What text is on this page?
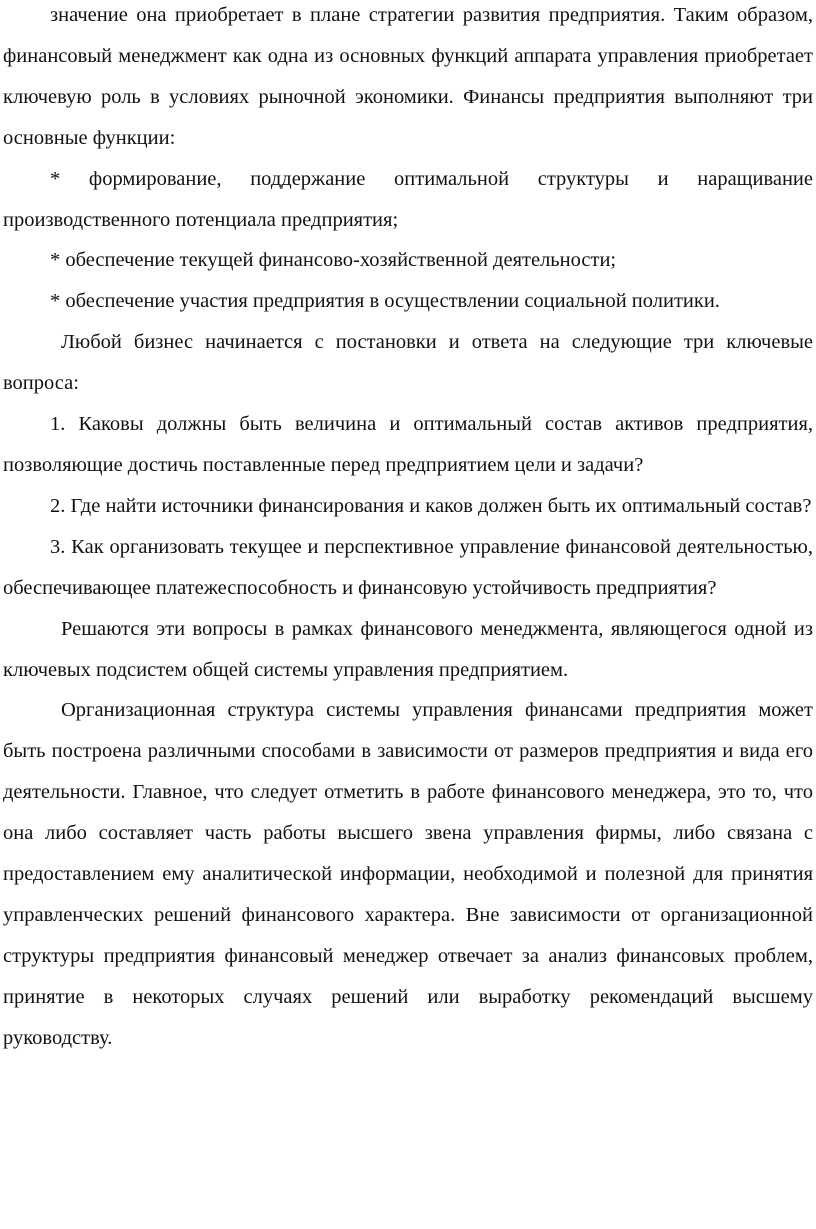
значение она приобретает в плане стратегии развития предприятия. Таким образом, финансовый менеджмент как одна из основных функций аппарата управления приобретает ключевую роль в условиях рыночной экономики. Финансы предприятия выполняют три основные функции:

* формирование, поддержание оптимальной структуры и наращивание производственного потенциала предприятия;

* обеспечение текущей финансово-хозяйственной деятельности;

* обеспечение участия предприятия в осуществлении социальной политики.

Любой бизнес начинается с постановки и ответа на следующие три ключевые вопроса:

1. Каковы должны быть величина и оптимальный состав активов предприятия, позволяющие достичь поставленные перед предприятием цели и задачи?

2. Где найти источники финансирования и каков должен быть их оптимальный состав?

3. Как организовать текущее и перспективное управление финансовой деятельностью, обеспечивающее платежеспособность и финансовую устойчивость предприятия?

Решаются эти вопросы в рамках финансового менеджмента, являющегося одной из ключевых подсистем общей системы управления предприятием.

Организационная структура системы управления финансами предприятия может быть построена различными способами в зависимости от размеров предприятия и вида его деятельности. Главное, что следует отметить в работе финансового менеджера, это то, что она либо составляет часть работы высшего звена управления фирмы, либо связана с предоставлением ему аналитической информации, необходимой и полезной для принятия управленческих решений финансового характера. Вне зависимости от организационной структуры предприятия финансовый менеджер отвечает за анализ финансовых проблем, принятие в некоторых случаях решений или выработку рекомендаций высшему руководству.
